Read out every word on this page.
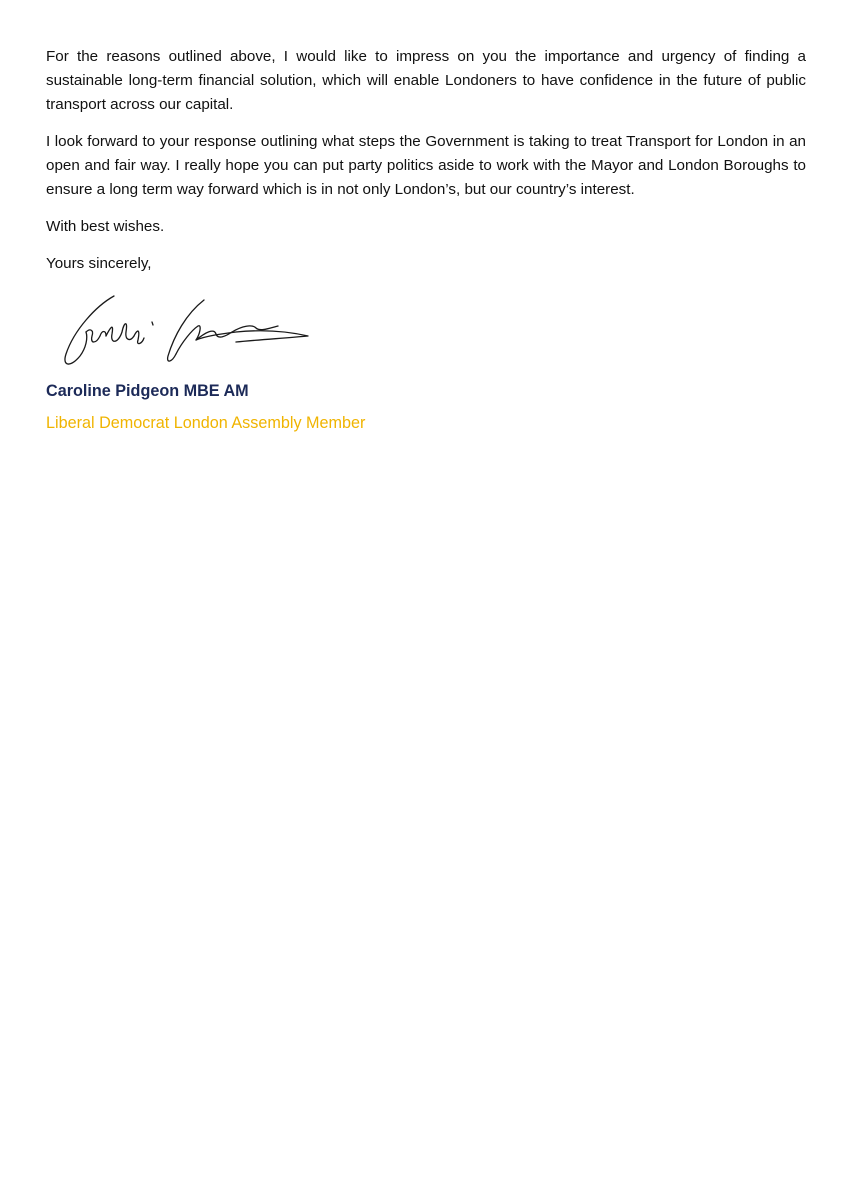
For the reasons outlined above, I would like to impress on you the importance and urgency of finding a sustainable long-term financial solution, which will enable Londoners to have confidence in the future of public transport across our capital.

I look forward to your response outlining what steps the Government is taking to treat Transport for London in an open and fair way. I really hope you can put party politics aside to work with the Mayor and London Boroughs to ensure a long term way forward which is in not only London’s, but our country’s interest.

With best wishes.

Yours sincerely,

Caroline Pidgeon MBE AM

Liberal Democrat London Assembly Member
